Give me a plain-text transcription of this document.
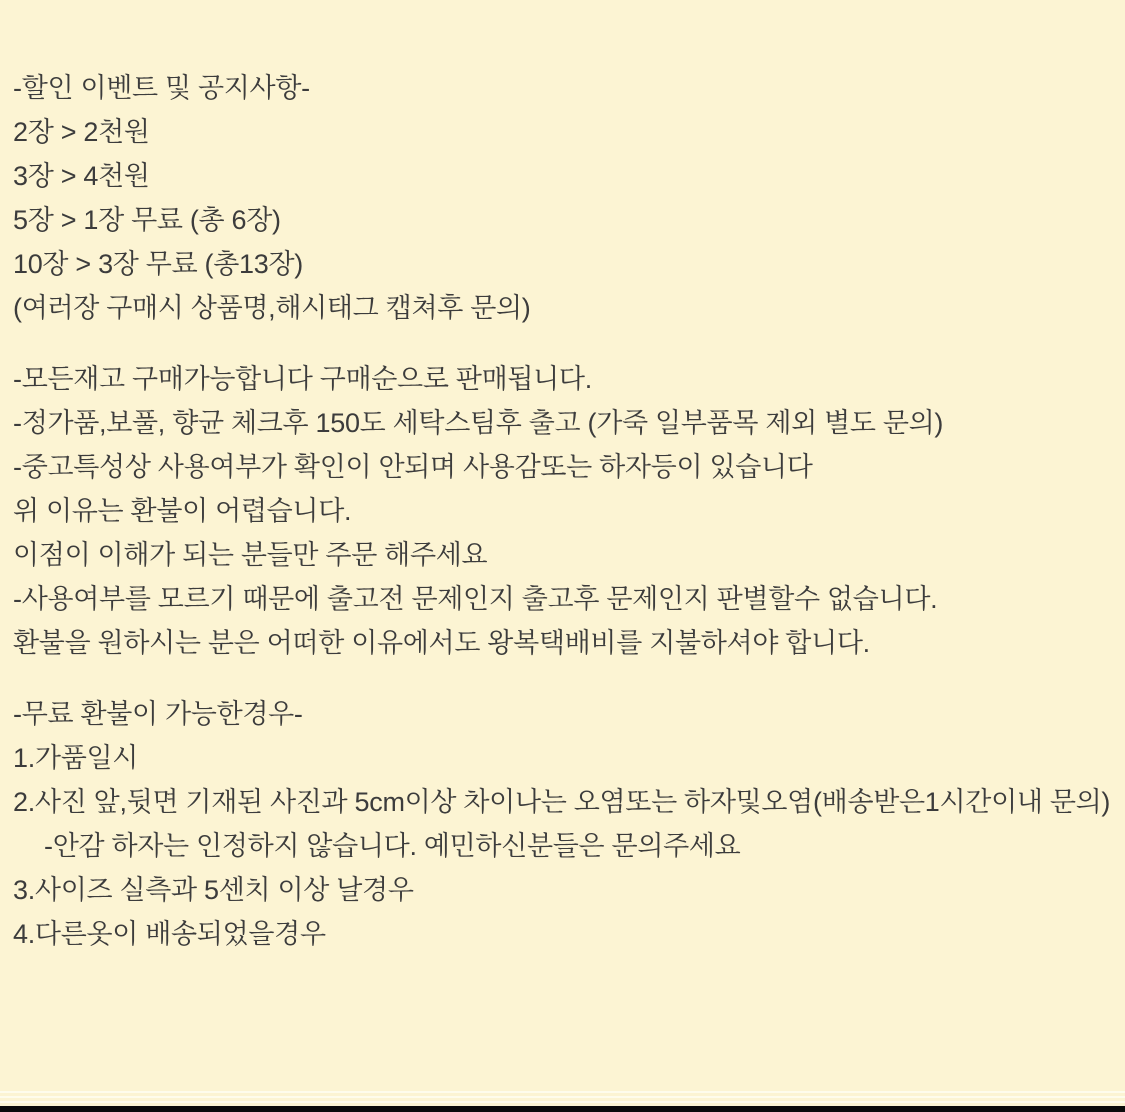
-할인 이벤트 및 공지사항-
2장 > 2천원
3장 > 4천원
5장 > 1장 무료 (총 6장)
10장 > 3장 무료 (총13장)
(여러장 구매시 상품명,해시태그 캡쳐후 문의)
-모든재고 구매가능합니다 구매순으로 판매됩니다.
-정가품,보풀, 향균 체크후 150도 세탁스팀후 출고 (가죽 일부품목 제외 별도 문의)
-중고특성상 사용여부가 확인이 안되며 사용감또는 하자등이 있습니다
위 이유는 환불이 어렵습니다.
이점이 이해가 되는 분들만 주문 해주세요
-사용여부를 모르기 때문에 출고전 문제인지 출고후 문제인지 판별할수 없습니다.
환불을 원하시는 분은 어떠한 이유에서도 왕복택배비를 지불하셔야 합니다.
-무료 환불이 가능한경우-
1.가품일시
2.사진 앞,뒷면 기재된 사진과 5cm이상 차이나는 오염또는 하자및오염(배송받은1시간이내 문의)
-안감 하자는 인정하지 않습니다. 예민하신분들은 문의주세요
3.사이즈 실측과 5센치 이상 날경우
4.다른옷이 배송되었을경우
